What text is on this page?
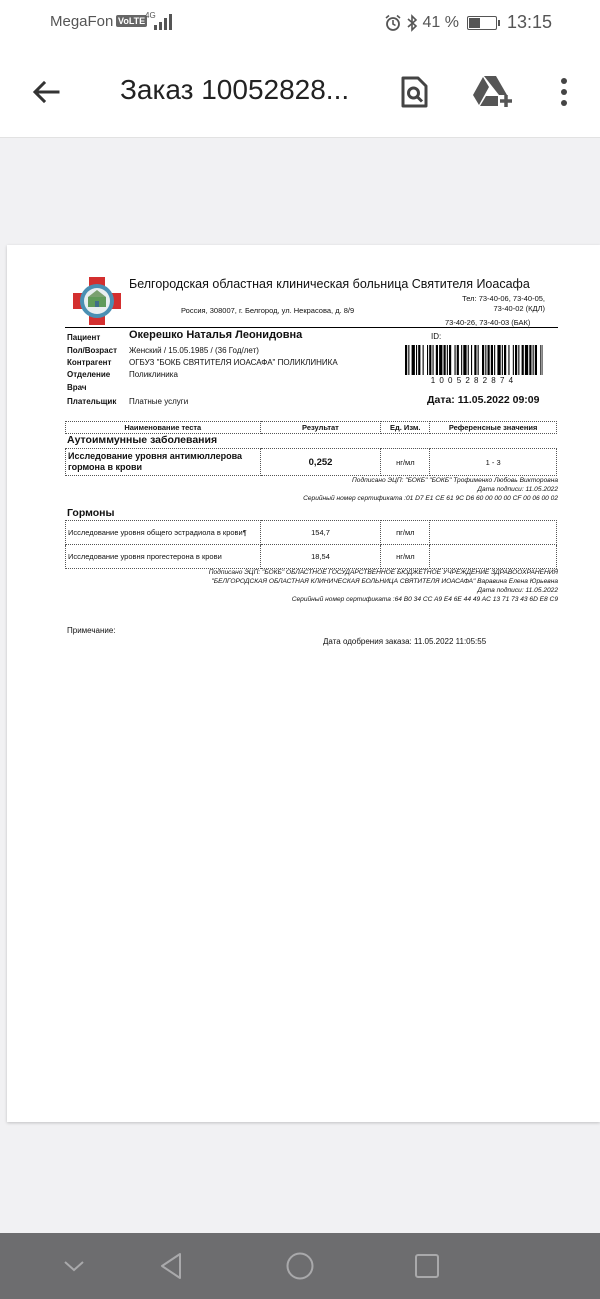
MegaFon VoLTE
4G	41 %	13:15
Заказ 10052828...
Белгородская областная клиническая больница Святителя Иоасафа
Россия, 308007, г. Белгород, ул. Некрасова, д. 8/9
Тел: 73-40-06, 73-40-05,
73-40-02 (КДЛ)
73-40-26, 73-40-03 (БАК)
Пациент	Окерешко Наталья Леонидовна	ID:
Пол/Возраст Женский / 15.05.1985 / (36 Год/лет)
Контрагент ОГБУЗ "БОКБ СВЯТИТЕЛЯ ИОАСАФА" ПОЛИКЛИНИКА
Отделение Поликлиника
Врач
Плательщик Платные услуги
1005282874
Дата: 11.05.2022 09:09
Наименование теста	Результат	Ед. Изм.	Референсные значения
Аутоиммунные заболевания
Исследование уровня антимюллерова гормона в крови	0,252	нг/мл	1 - 3
Подписано ЭЦП: "БОКБ" "БОКБ" Трофименко Любовь Викторовна
Дата подписи: 11.05.2022
Серийный номер сертификата :01 D7 E1 CE 61 9C D6 60 00 00 00 CF 00 06 00 02
Гормоны
Исследование уровня общего эстрадиола в крови¶	154,7	пг/мл	
Исследование уровня прогестерона в крови	18,54	нг/мл	
Подписано ЭЦП: "БОКБ" ОБЛАСТНОЕ ГОСУДАРСТВЕННОЕ БЮДЖЕТНОЕ УЧРЕЖДЕНИЕ ЗДРАВООХРАНЕНИЯ
"БЕЛГОРОДСКАЯ ОБЛАСТНАЯ КЛИНИЧЕСКАЯ БОЛЬНИЦА СВЯТИТЕЛЯ ИОАСАФА" Варавина Елена Юрьевна
Дата подписи: 11.05.2022
Серийный номер сертификата :64 B0 34 CC A9 E4 6E 44 49 AC 13 71 73 43 6D E8 C9
Примечание:
Дата одобрения заказа: 11.05.2022 11:05:55
